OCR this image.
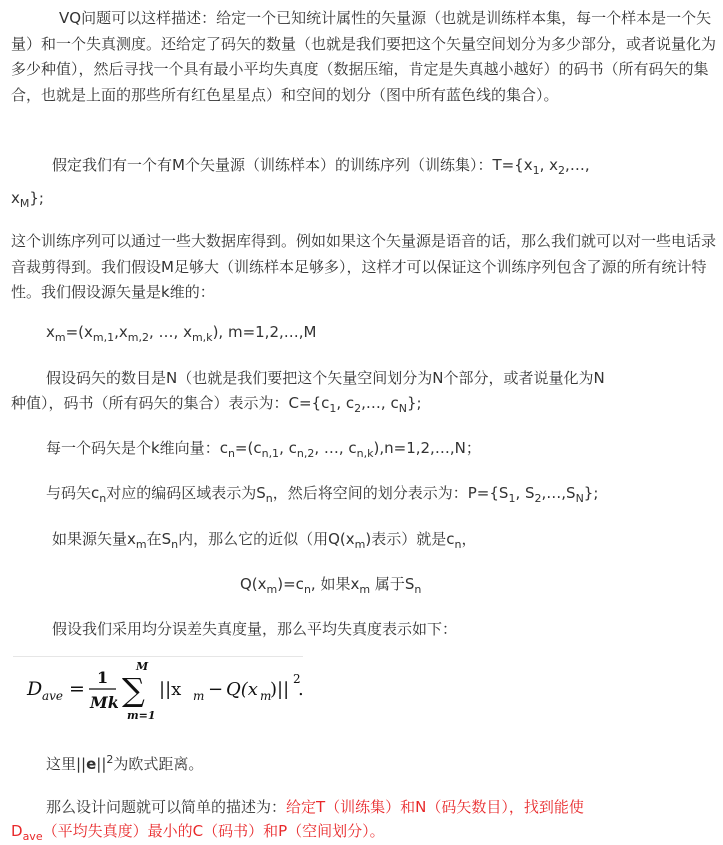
VQ问题可以这样描述：给定一个已知统计属性的矢量源（也就是训练样本集，每一个样本是一个矢量）和一个失真测度。还给定了码矢的数量（也就是我们要把这个矢量空间划分为多少部分，或者说量化为多少种值），然后寻找一个具有最小平均失真度（数据压缩，肯定是失真越小越好）的码书（所有码矢的集合，也就是上面的那些所有红色星星点）和空间的划分（图中所有蓝色线的集合）。

假定我们有一个有M个矢量源（训练样本）的训练序列（训练集）：$T=\{x_1$, $x_2,\dots$,
$x_M$};

这个训练序列可以通过一些大数据库得到。例如如果这个矢量源是语音的话，那么我们就可以对一些电话录音裁剪得到。我们假设M足够大（训练样本足够多），这样才可以保证这个训练序列包含了源的所有统计特性。我们假设源矢量是k维的：

$x_m=(x_{m,1},x_{m,2}$, …, $x_{m,k}$), m=1,2,…,M
假设码矢的数目是N（也就是我们要把这个矢量空间划分为N个部分，或者说量化为N
种值），码书（所有码矢的集合）表示为：$C=\{c_1$, $c_2,\dots$, $c_N$};
每一个码矢是个k维向量：$c_n=(c_{n,1}$, $c_{n,2}$, …, $c_{n,k}),n=1,2,\dots,N$；
与码矢$c_n$对应的编码区域表示为$S_n$，然后将空间的划分表示为：$P=\{S_1$, $S_2,\dots,S_N$};
如果源矢量$x_m$在$S_n$内，那么它的近似（用$Q(x_m)$表示）就是$c_n$，
$Q(x_m)=c_n$, 如果$x_m$ 属于$S_n$
假设我们采用均分误差失真度量，那么平均失真度表示如下：
D ave =
1
Mk
M
∑
m=1
||x m − Q(x m
)|| 2
.
这里$||e||^2$为欧式距离。
那么设计问题就可以简单的描述为：给定T（训练集）和N（码矢数目），找到能使
$D_{ave}$（平均失真度）最小的C（码书）和P（空间划分）。
